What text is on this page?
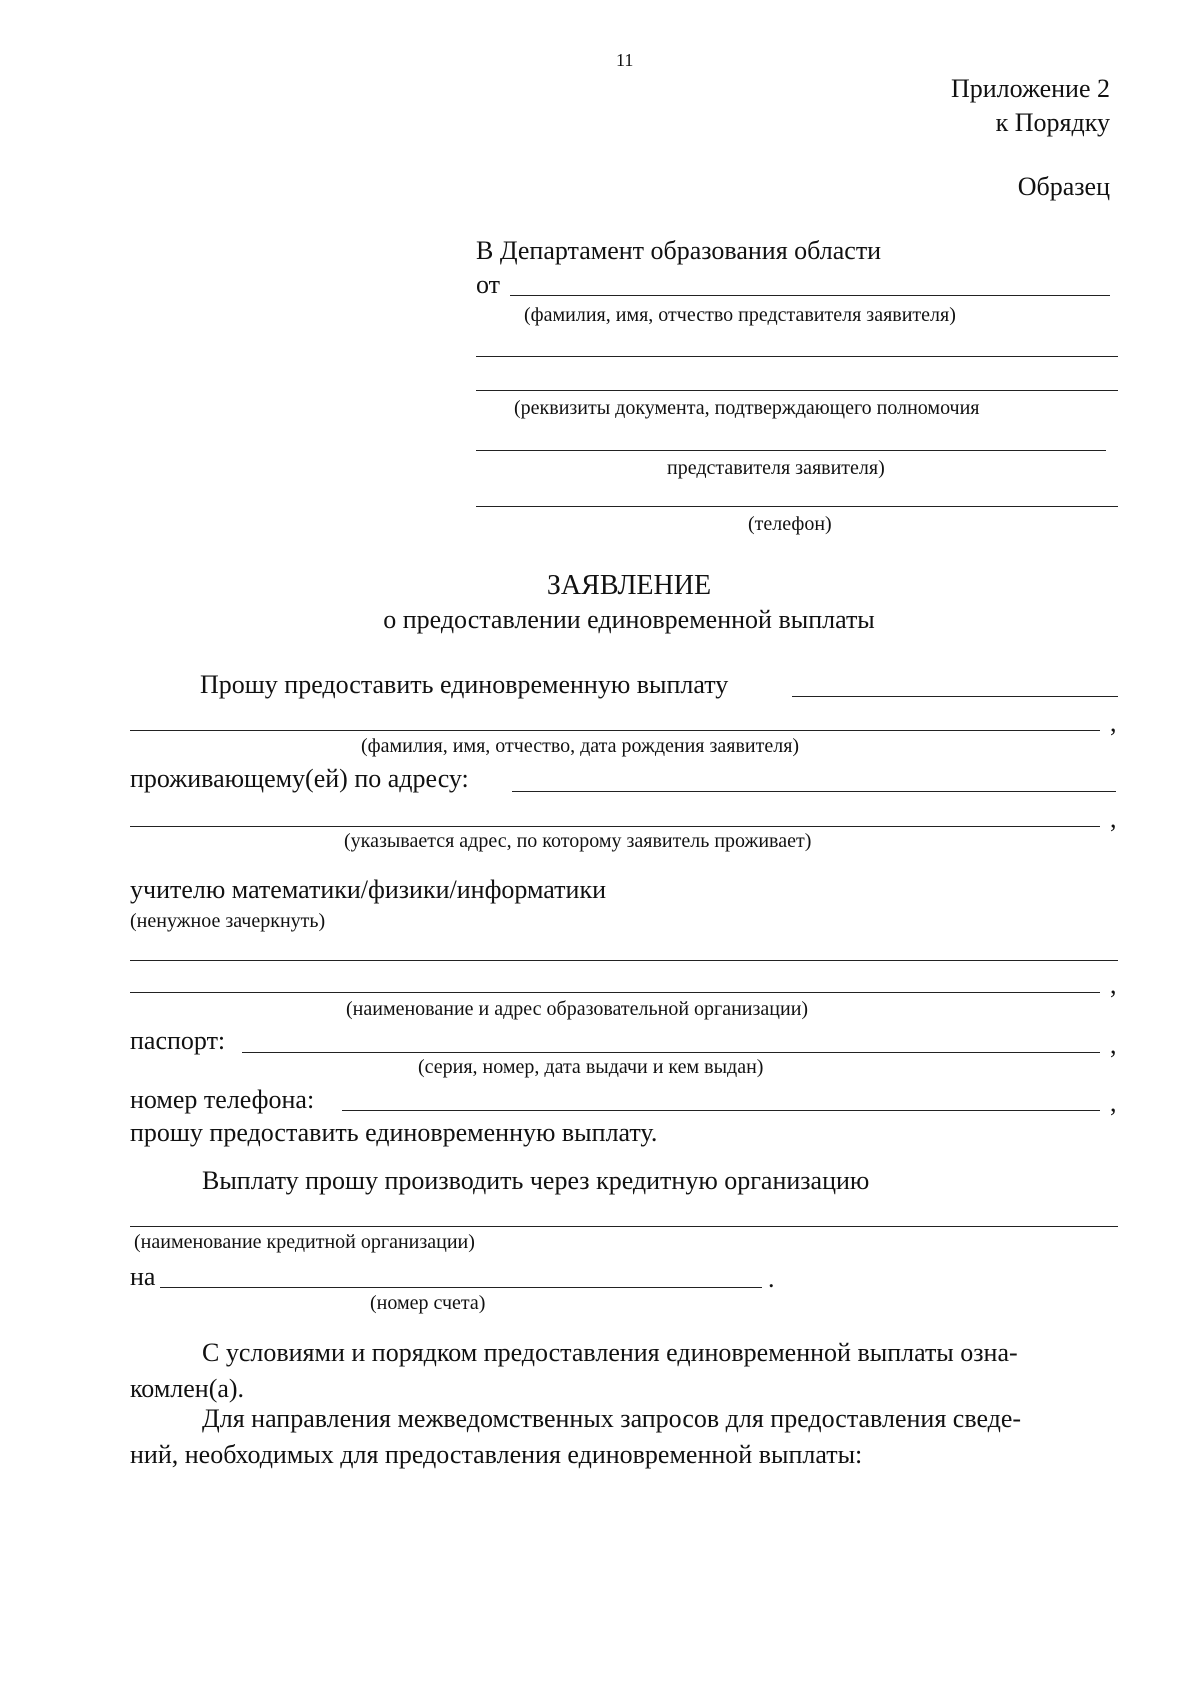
11
Приложение 2
к Порядку
Образец
В Департамент образования области
от
(фамилия, имя, отчество представителя заявителя)
(реквизиты документа, подтверждающего полномочия
представителя заявителя)
(телефон)
ЗАЯВЛЕНИЕ
о предоставлении единовременной выплаты
Прошу предоставить единовременную выплату
,
(фамилия, имя, отчество, дата рождения заявителя)
проживающему(ей) по адресу:
,
(указывается адрес, по которому заявитель проживает)
учителю математики/физики/информатики
(ненужное зачеркнуть)
,
(наименование и адрес образовательной организации)
паспорт:	,
(серия, номер, дата выдачи и кем выдан)
номер телефона:	,
прошу предоставить единовременную выплату.
Выплату прошу производить через кредитную организацию
(наименование кредитной организации)
на	.
(номер счета)
С условиями и порядком предоставления единовременной выплаты озна-
комлен(а).
Для направления межведомственных запросов для предоставления сведе-
ний, необходимых для предоставления единовременной выплаты:
